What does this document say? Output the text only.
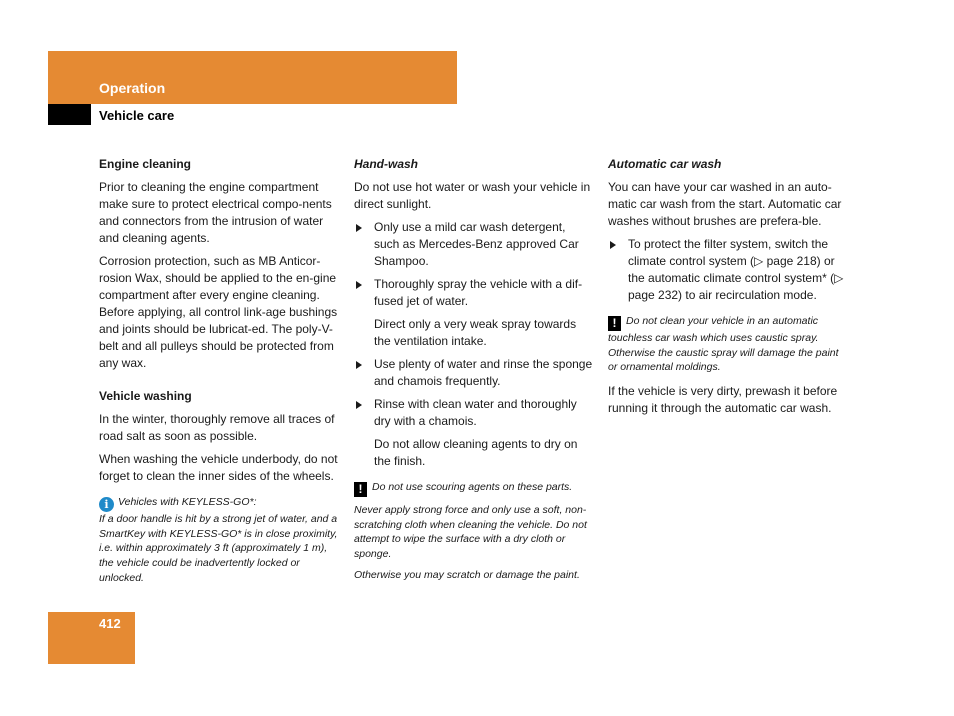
Operation
Vehicle care
Engine cleaning

Prior to cleaning the engine compartment make sure to protect electrical compo-nents and connectors from the intrusion of water and cleaning agents.

Corrosion protection, such as MB Anticor-rosion Wax, should be applied to the en-gine compartment after every engine cleaning. Before applying, all control link-age bushings and joints should be lubricat-ed. The poly-V-belt and all pulleys should be protected from any wax.

Vehicle washing

In the winter, thoroughly remove all traces of road salt as soon as possible.

When washing the vehicle underbody, do not forget to clean the inner sides of the wheels.

i Vehicles with KEYLESS-GO*:
If a door handle is hit by a strong jet of water, and a SmartKey with KEYLESS-GO* is in close proximity, i.e. within approximately 3 ft (approximately 1 m), the vehicle could be inadvertently locked or unlocked.
Hand-wash

Do not use hot water or wash your vehicle in direct sunlight.

Only use a mild car wash detergent, such as Mercedes-Benz approved Car Shampoo.
Thoroughly spray the vehicle with a dif-fused jet of water.

Direct only a very weak spray towards the ventilation intake.

Use plenty of water and rinse the sponge and chamois frequently.
Rinse with clean water and thoroughly dry with a chamois.

Do not allow cleaning agents to dry on the finish.

! Do not use scouring agents on these parts.
Never apply strong force and only use a soft, non-scratching cloth when cleaning the vehicle. Do not attempt to wipe the surface with a dry cloth or sponge.
Otherwise you may scratch or damage the paint.
Automatic car wash

You can have your car washed in an auto-matic car wash from the start. Automatic car washes without brushes are prefera-ble.

To protect the filter system, switch the climate control system (▷ page 218) or the automatic climate control system* (▷ page 232) to air recirculation mode.
! Do not clean your vehicle in an automatic touchless car wash which uses caustic spray. Otherwise the caustic spray will damage the paint or ornamental moldings.

If the vehicle is very dirty, prewash it before running it through the automatic car wash.

412
